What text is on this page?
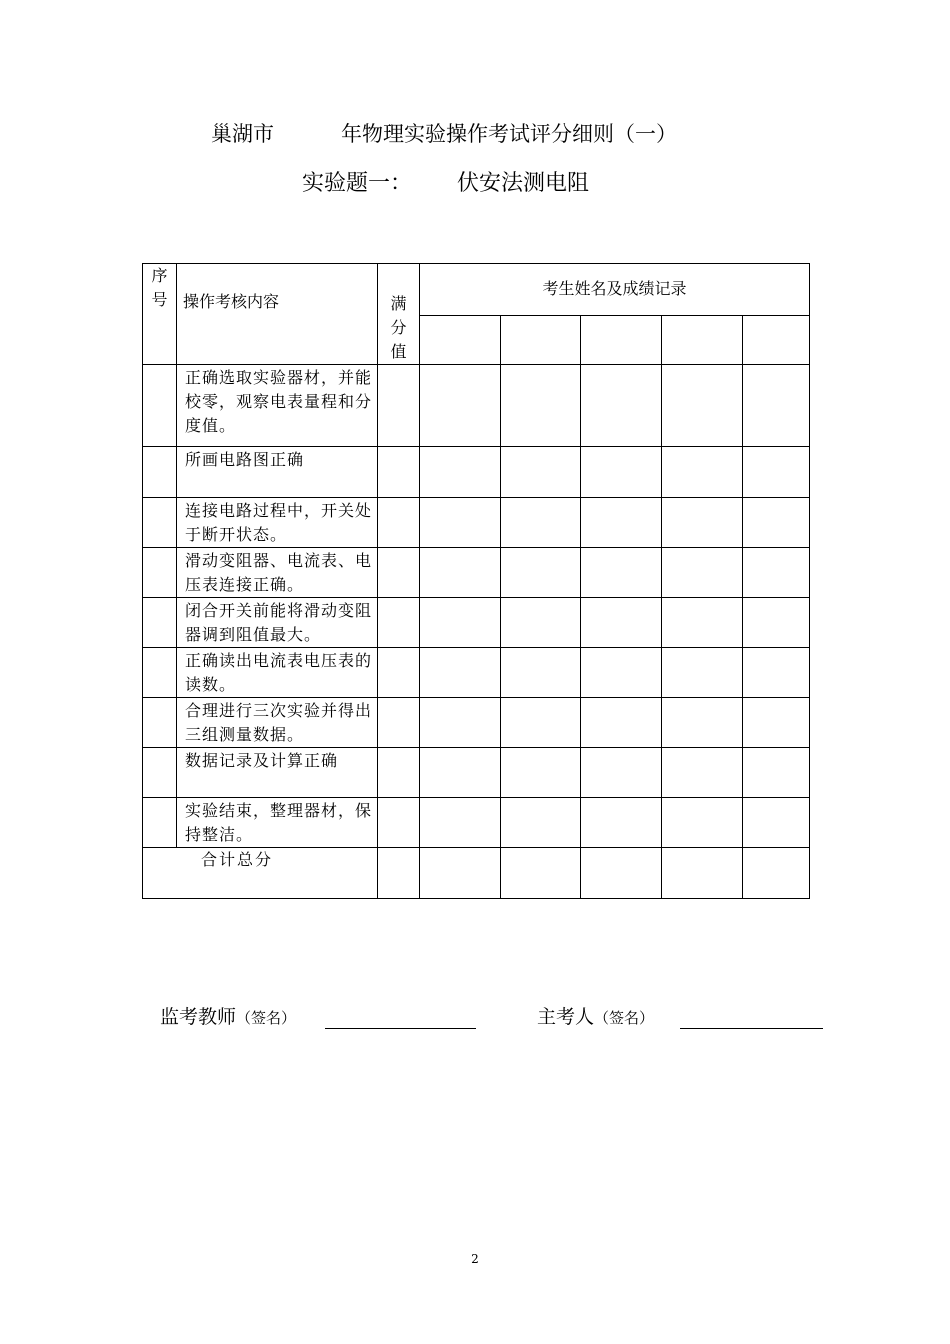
巢湖市	年物理实验操作考试评分细则（一）
实验题一： 伏安法测电阻
序号	操作考核内容	满分值	考生姓名及成绩记录				

	正确选取实验器材，并能校零，观察电表量程和分度值。						
	所画电路图正确						
	连接电路过程中，开关处于断开状态。						
	滑动变阻器、电流表、电压表连接正确。						
	闭合开关前能将滑动变阻器调到阻值最大。						
	正确读出电流表电压表的读数。						
	合理进行三次实验并得出三组测量数据。						
	数据记录及计算正确						
	实验结束，整理器材，保持整洁。						
合计总分							
监考教师（签名）	主考人（签名）
2
